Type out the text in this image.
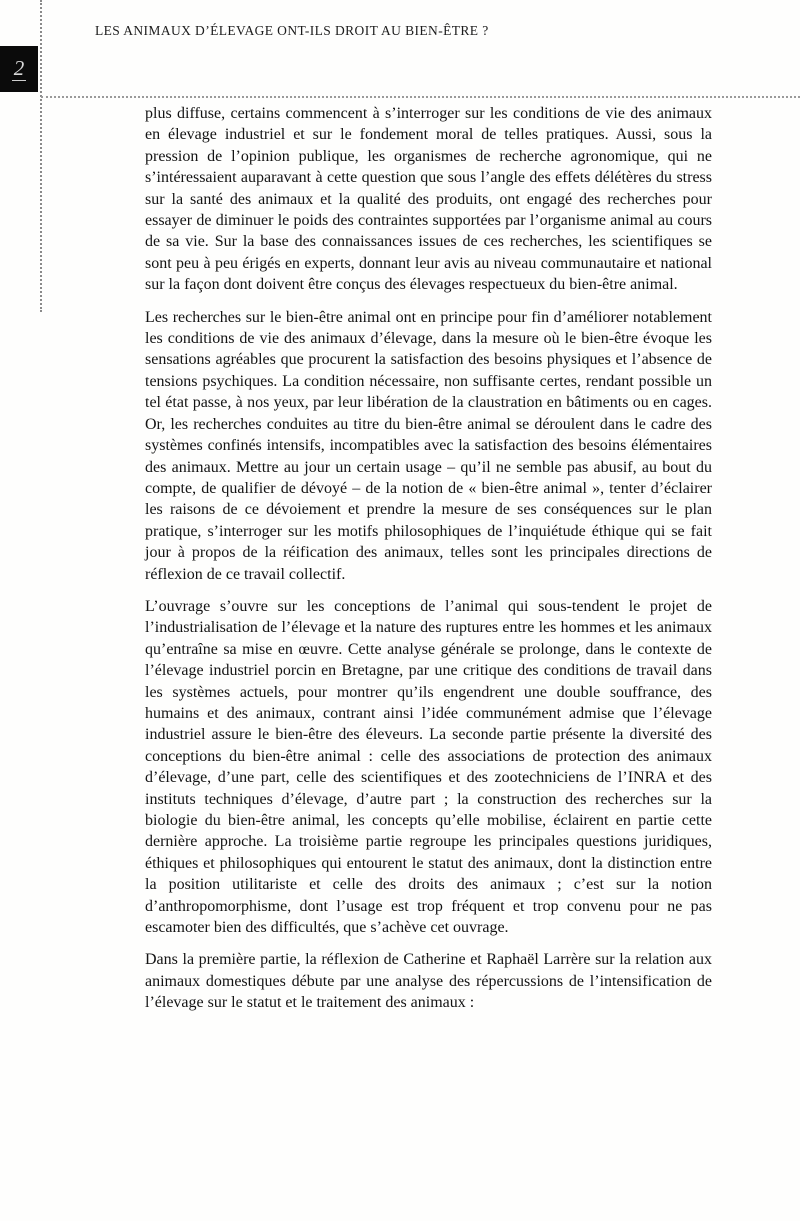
LES ANIMAUX D’ÉLEVAGE ONT-ILS DROIT AU BIEN-ÊTRE ?
2

plus diffuse, certains commencent à s’interroger sur les conditions de vie des animaux en élevage industriel et sur le fondement moral de telles pratiques. Aussi, sous la pression de l’opinion publique, les organismes de recherche agronomique, qui ne s’intéressaient auparavant à cette question que sous l’angle des effets délétères du stress sur la santé des animaux et la qualité des produits, ont engagé des recherches pour essayer de diminuer le poids des contraintes supportées par l’organisme animal au cours de sa vie. Sur la base des connaissances issues de ces recherches, les scientifiques se sont peu à peu érigés en experts, donnant leur avis au niveau communautaire et national sur la façon dont doivent être conçus des élevages respectueux du bien-être animal.

Les recherches sur le bien-être animal ont en principe pour fin d’améliorer notablement les conditions de vie des animaux d’élevage, dans la mesure où le bien-être évoque les sensations agréables que procurent la satisfaction des besoins physiques et l’absence de tensions psychiques. La condition nécessaire, non suffisante certes, rendant possible un tel état passe, à nos yeux, par leur libération de la claustration en bâtiments ou en cages. Or, les recherches conduites au titre du bien-être animal se déroulent dans le cadre des systèmes confinés intensifs, incompatibles avec la satisfaction des besoins élémentaires des animaux. Mettre au jour un certain usage – qu’il ne semble pas abusif, au bout du compte, de qualifier de dévoyé – de la notion de « bien-être animal », tenter d’éclairer les raisons de ce dévoiement et prendre la mesure de ses conséquences sur le plan pratique, s’interroger sur les motifs philosophiques de l’inquiétude éthique qui se fait jour à propos de la réification des animaux, telles sont les principales directions de réflexion de ce travail collectif.

L’ouvrage s’ouvre sur les conceptions de l’animal qui sous-tendent le projet de l’industrialisation de l’élevage et la nature des ruptures entre les hommes et les animaux qu’entraîne sa mise en œuvre. Cette analyse générale se prolonge, dans le contexte de l’élevage industriel porcin en Bretagne, par une critique des conditions de travail dans les systèmes actuels, pour montrer qu’ils engendrent une double souffrance, des humains et des animaux, contrant ainsi l’idée communément admise que l’élevage industriel assure le bien-être des éleveurs. La seconde partie présente la diversité des conceptions du bien-être animal : celle des associations de protection des animaux d’élevage, d’une part, celle des scientifiques et des zootechniciens de l’INRA et des instituts techniques d’élevage, d’autre part ; la construction des recherches sur la biologie du bien-être animal, les concepts qu’elle mobilise, éclairent en partie cette dernière approche. La troisième partie regroupe les principales questions juridiques, éthiques et philosophiques qui entourent le statut des animaux, dont la distinction entre la position utilitariste et celle des droits des animaux ; c’est sur la notion d’anthropomorphisme, dont l’usage est trop fréquent et trop convenu pour ne pas escamoter bien des difficultés, que s’achève cet ouvrage.

Dans la première partie, la réflexion de Catherine et Raphaël Larrère sur la relation aux animaux domestiques débute par une analyse des répercussions de l’intensification de l’élevage sur le statut et le traitement des animaux :
